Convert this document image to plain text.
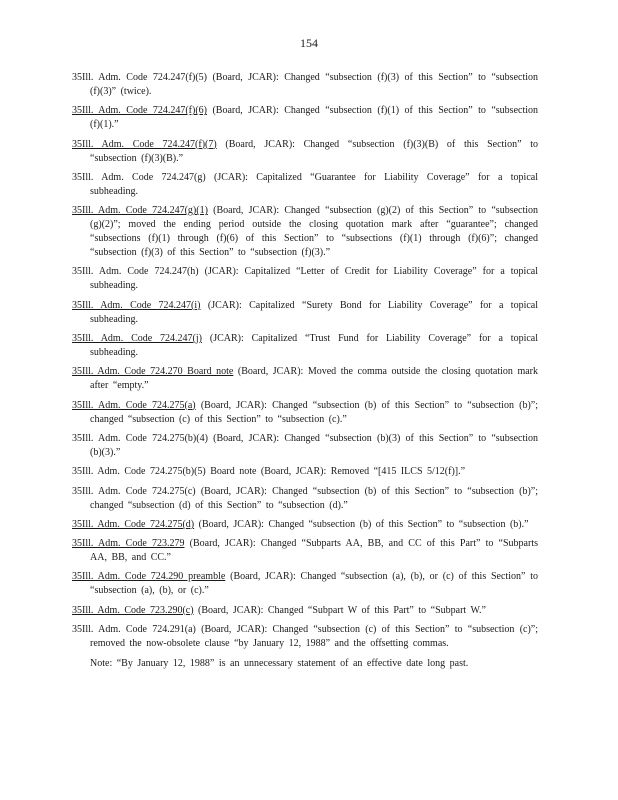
154

35Ill. Adm. Code 724.247(f)(5) (Board, JCAR): Changed “subsection (f)(3) of this Section” to “subsection (f)(3)” (twice).

35Ill. Adm. Code 724.247(f)(6) (Board, JCAR): Changed “subsection (f)(1) of this Section” to “subsection (f)(1).”

35Ill. Adm. Code 724.247(f)(7) (Board, JCAR): Changed “subsection (f)(3)(B) of this Section” to “subsection (f)(3)(B).”

35Ill. Adm. Code 724.247(g) (JCAR): Capitalized “Guarantee for Liability Coverage” for a topical subheading.

35Ill. Adm. Code 724.247(g)(1) (Board, JCAR): Changed “subsection (g)(2) of this Section” to “subsection (g)(2)”; moved the ending period outside the closing quotation mark after “guarantee”; changed “subsections (f)(1) through (f)(6) of this Section” to “subsections (f)(1) through (f)(6)”; changed “subsection (f)(3) of this Section” to “subsection (f)(3).”

35Ill. Adm. Code 724.247(h) (JCAR): Capitalized “Letter of Credit for Liability Coverage” for a topical subheading.

35Ill. Adm. Code 724.247(i) (JCAR): Capitalized “Surety Bond for Liability Coverage” for a topical subheading.

35Ill. Adm. Code 724.247(j) (JCAR): Capitalized “Trust Fund for Liability Coverage” for a topical subheading.

35Ill. Adm. Code 724.270 Board note (Board, JCAR): Moved the comma outside the closing quotation mark after “empty.”

35Ill. Adm. Code 724.275(a) (Board, JCAR): Changed “subsection (b) of this Section” to “subsection (b)”; changed “subsection (c) of this Section” to “subsection (c).”

35Ill. Adm. Code 724.275(b)(4) (Board, JCAR): Changed “subsection (b)(3) of this Section” to “subsection (b)(3).”

35Ill. Adm. Code 724.275(b)(5) Board note (Board, JCAR): Removed “[415 ILCS 5/12(f)].”

35Ill. Adm. Code 724.275(c) (Board, JCAR): Changed “subsection (b) of this Section” to “subsection (b)”; changed “subsection (d) of this Section” to “subsection (d).”

35Ill. Adm. Code 724.275(d) (Board, JCAR): Changed “subsection (b) of this Section” to “subsection (b).”

35Ill. Adm. Code 723.279 (Board, JCAR): Changed “Subparts AA, BB, and CC of this Part” to “Subparts AA, BB, and CC.”

35Ill. Adm. Code 724.290 preamble (Board, JCAR): Changed “subsection (a), (b), or (c) of this Section” to “subsection (a), (b), or (c).”

35Ill. Adm. Code 723.290(c) (Board, JCAR): Changed “Subpart W of this Part” to “Subpart W.”

35Ill. Adm. Code 724.291(a) (Board, JCAR): Changed “subsection (c) of this Section” to “subsection (c)”; removed the now-obsolete clause “by January 12, 1988” and the offsetting commas.

Note: “By January 12, 1988” is an unnecessary statement of an effective date long past.
